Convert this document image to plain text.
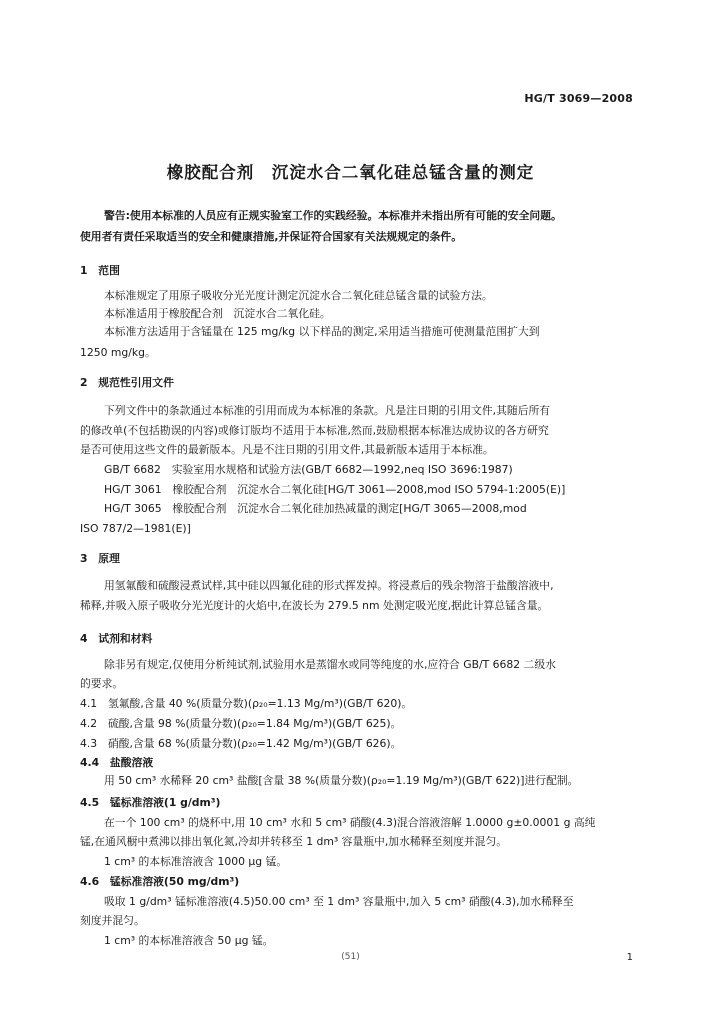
HG/T 3069—2008
橡胶配合剂　沉淀水合二氧化硅总锰含量的测定
警告:使用本标准的人员应有正规实验室工作的实践经验。本标准并未指出所有可能的安全问题。
使用者有责任采取适当的安全和健康措施,并保证符合国家有关法规规定的条件。
1　范围
本标准规定了用原子吸收分光光度计测定沉淀水合二氧化硅总锰含量的试验方法。
本标准适用于橡胶配合剂　沉淀水合二氧化硅。
本标准方法适用于含锰量在 125 mg/kg 以下样品的测定,采用适当措施可使测量范围扩大到
1250 mg/kg。
2　规范性引用文件
下列文件中的条款通过本标准的引用而成为本标准的条款。凡是注日期的引用文件,其随后所有
的修改单(不包括勘误的内容)或修订版均不适用于本标准,然而,鼓励根据本标准达成协议的各方研究
是否可使用这些文件的最新版本。凡是不注日期的引用文件,其最新版本适用于本标准。
GB/T 6682　实验室用水规格和试验方法(GB/T 6682—1992,neq ISO 3696:1987)
HG/T 3061　橡胶配合剂　沉淀水合二氧化硅[HG/T 3061—2008,mod ISO 5794-1:2005(E)]
HG/T 3065　橡胶配合剂　沉淀水合二氧化硅加热减量的测定[HG/T 3065—2008,mod
ISO 787/2—1981(E)]
3　原理
用氢氟酸和硫酸浸煮试样,其中硅以四氟化硅的形式挥发掉。将浸煮后的残余物溶于盐酸溶液中,
稀释,并吸入原子吸收分光光度计的火焰中,在波长为 279.5 nm 处测定吸光度,据此计算总锰含量。
4　试剂和材料
除非另有规定,仅使用分析纯试剂,试验用水是蒸馏水或同等纯度的水,应符合 GB/T 6682 二级水
的要求。
4.1　氢氟酸,含量 40 %(质量分数)(ρ₂₀=1.13 Mg/m³)(GB/T 620)。
4.2　硫酸,含量 98 %(质量分数)(ρ₂₀=1.84 Mg/m³)(GB/T 625)。
4.3　硝酸,含量 68 %(质量分数)(ρ₂₀=1.42 Mg/m³)(GB/T 626)。
4.4　盐酸溶液
用 50 cm³ 水稀释 20 cm³ 盐酸[含量 38 %(质量分数)(ρ₂₀=1.19 Mg/m³)(GB/T 622)]进行配制。
4.5　锰标准溶液(1 g/dm³)
在一个 100 cm³ 的烧杯中,用 10 cm³ 水和 5 cm³ 硝酸(4.3)混合溶液溶解 1.0000 g±0.0001 g 高纯
锰,在通风橱中煮沸以排出氧化氮,冷却并转移至 1 dm³ 容量瓶中,加水稀释至刻度并混匀。
1 cm³ 的本标准溶液含 1000 μg 锰。
4.6　锰标准溶液(50 mg/dm³)
吸取 1 g/dm³ 锰标准溶液(4.5)50.00 cm³ 至 1 dm³ 容量瓶中,加入 5 cm³ 硝酸(4.3),加水稀释至
刻度并混匀。
1 cm³ 的本标准溶液含 50 μg 锰。
(51)	1
